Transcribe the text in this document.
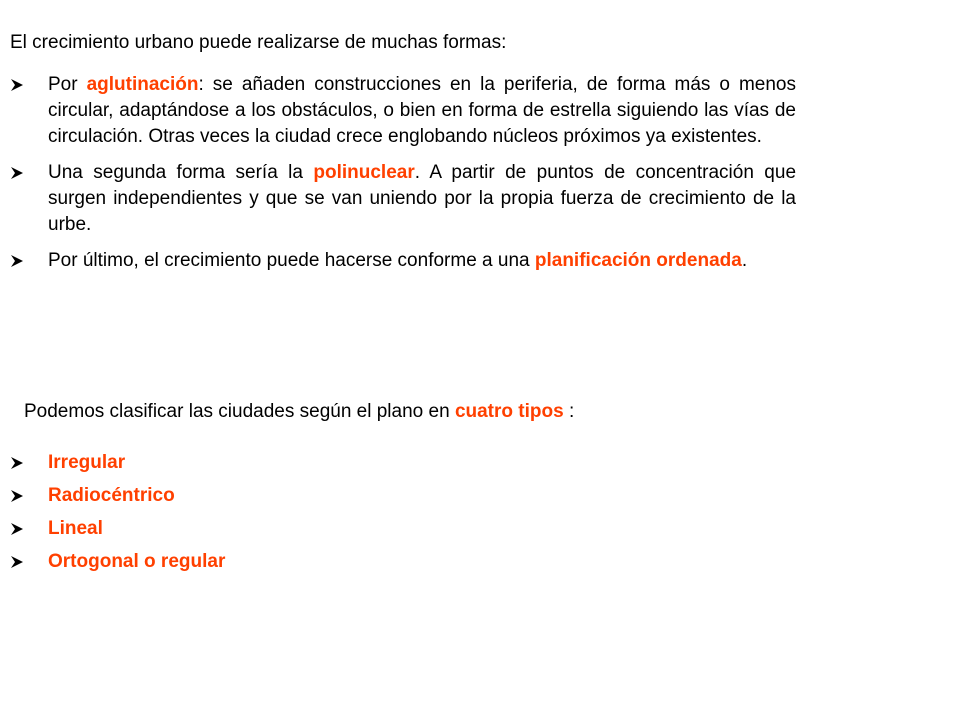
El crecimiento urbano puede realizarse de muchas formas:
Por aglutinación: se añaden construcciones en la periferia, de forma más o menos circular, adaptándose a los obstáculos, o bien en forma de estrella siguiendo las vías de circulación. Otras veces la ciudad crece englobando núcleos próximos ya existentes.
Una segunda forma sería la polinuclear. A partir de puntos de concentración que surgen independientes y que se van uniendo por la propia fuerza de crecimiento de la urbe.
Por último, el crecimiento puede hacerse conforme a una planificación ordenada.
Podemos clasificar las ciudades según el plano en cuatro tipos :
Irregular
Radiocéntrico
Lineal
Ortogonal o regular
